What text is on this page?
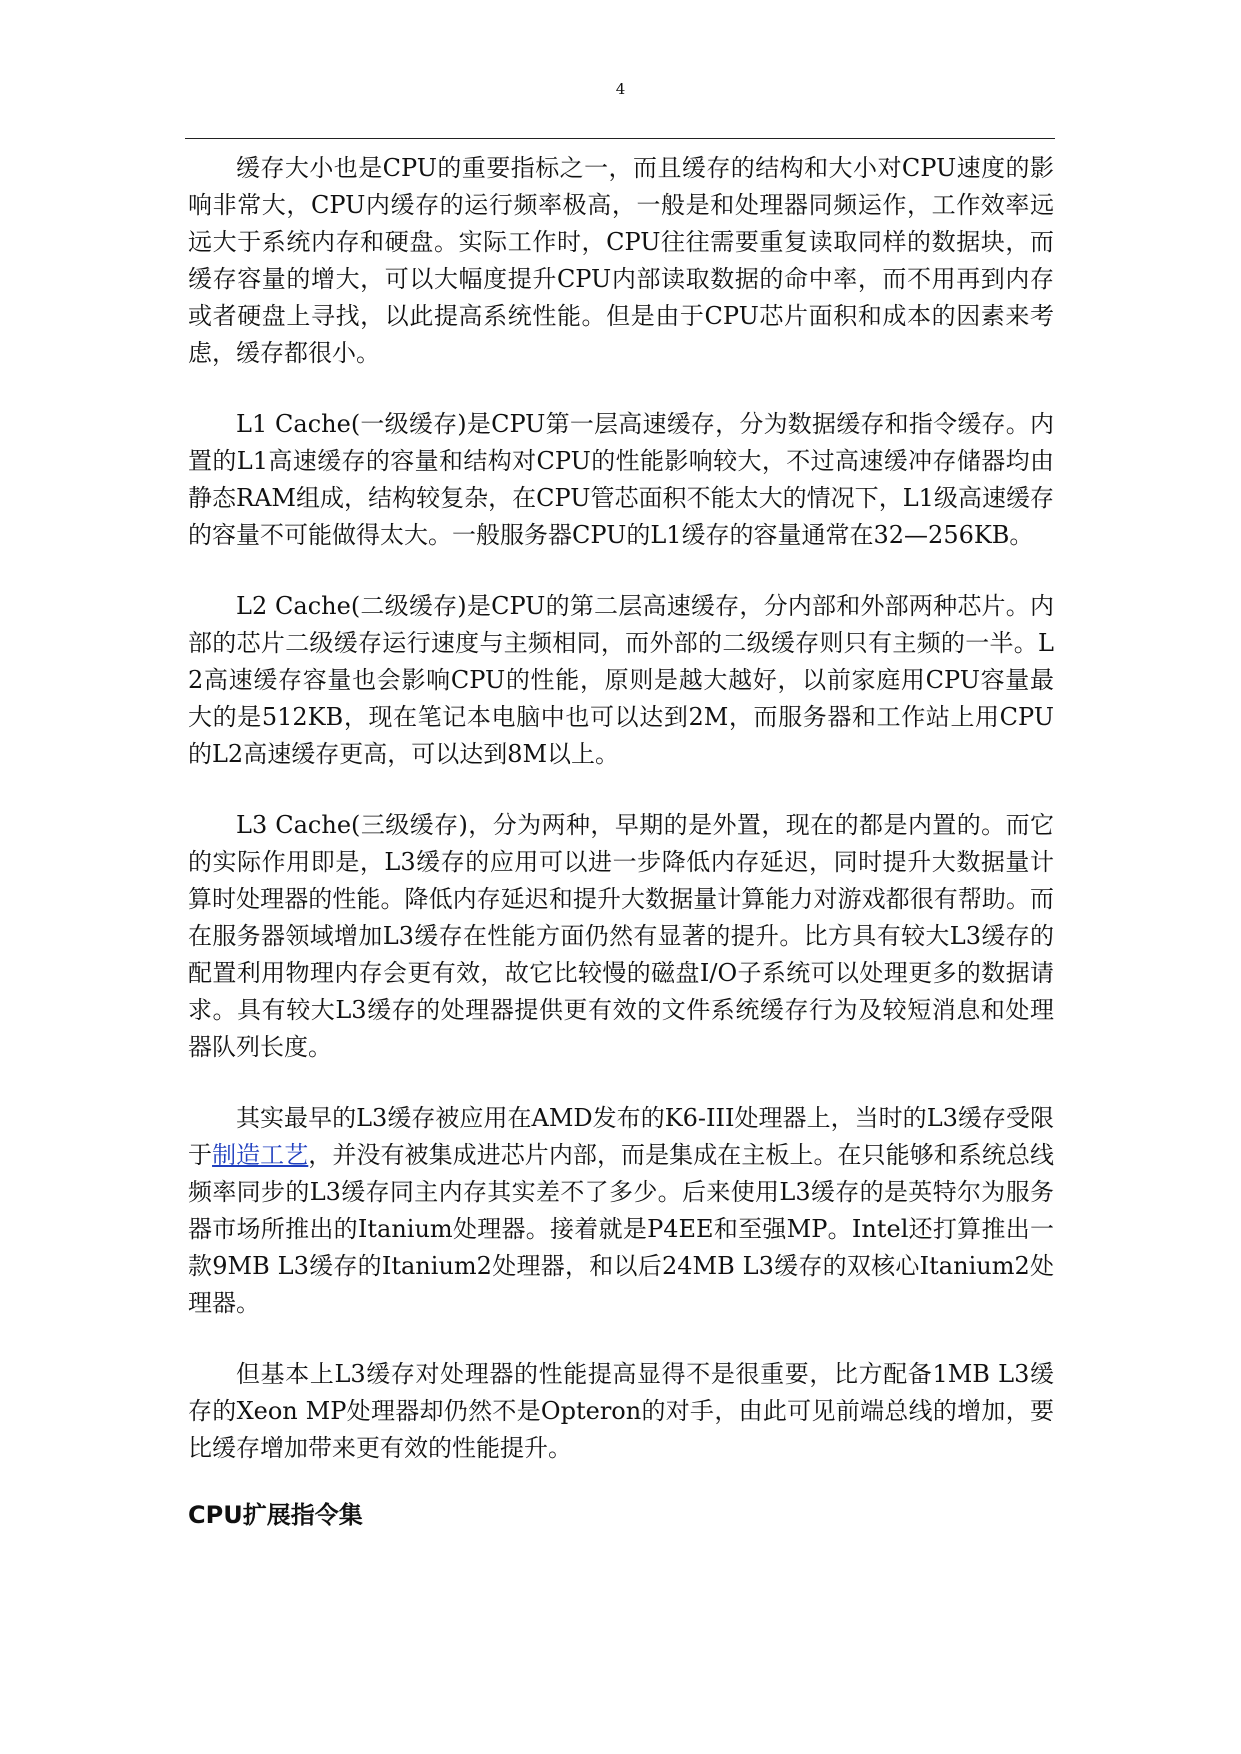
4

缓存大小也是CPU的重要指标之一，而且缓存的结构和大小对CPU速度的影响非常大，CPU内缓存的运行频率极高，一般是和处理器同频运作，工作效率远远大于系统内存和硬盘。实际工作时，CPU往往需要重复读取同样的数据块，而缓存容量的增大，可以大幅度提升CPU内部读取数据的命中率，而不用再到内存或者硬盘上寻找，以此提高系统性能。但是由于CPU芯片面积和成本的因素来考虑，缓存都很小。

L1 Cache(一级缓存)是CPU第一层高速缓存，分为数据缓存和指令缓存。内置的L1高速缓存的容量和结构对CPU的性能影响较大，不过高速缓冲存储器均由静态RAM组成，结构较复杂，在CPU管芯面积不能太大的情况下，L1级高速缓存的容量不可能做得太大。一般服务器CPU的L1缓存的容量通常在32—256KB。

L2 Cache(二级缓存)是CPU的第二层高速缓存，分内部和外部两种芯片。内部的芯片二级缓存运行速度与主频相同，而外部的二级缓存则只有主频的一半。L2高速缓存容量也会影响CPU的性能，原则是越大越好，以前家庭用CPU容量最大的是512KB，现在笔记本电脑中也可以达到2M，而服务器和工作站上用CPU的L2高速缓存更高，可以达到8M以上。

L3 Cache(三级缓存)，分为两种，早期的是外置，现在的都是内置的。而它的实际作用即是，L3缓存的应用可以进一步降低内存延迟，同时提升大数据量计算时处理器的性能。降低内存延迟和提升大数据量计算能力对游戏都很有帮助。而在服务器领域增加L3缓存在性能方面仍然有显著的提升。比方具有较大L3缓存的配置利用物理内存会更有效，故它比较慢的磁盘I/O子系统可以处理更多的数据请求。具有较大L3缓存的处理器提供更有效的文件系统缓存行为及较短消息和处理器队列长度。

其实最早的L3缓存被应用在AMD发布的K6-III处理器上，当时的L3缓存受限于制造工艺，并没有被集成进芯片内部，而是集成在主板上。在只能够和系统总线频率同步的L3缓存同主内存其实差不了多少。后来使用L3缓存的是英特尔为服务器市场所推出的Itanium处理器。接着就是P4EE和至强MP。Intel还打算推出一款9MB L3缓存的Itanium2处理器，和以后24MB L3缓存的双核心Itanium2处理器。

但基本上L3缓存对处理器的性能提高显得不是很重要，比方配备1MB L3缓存的Xeon MP处理器却仍然不是Opteron的对手，由此可见前端总线的增加，要比缓存增加带来更有效的性能提升。

CPU扩展指令集
